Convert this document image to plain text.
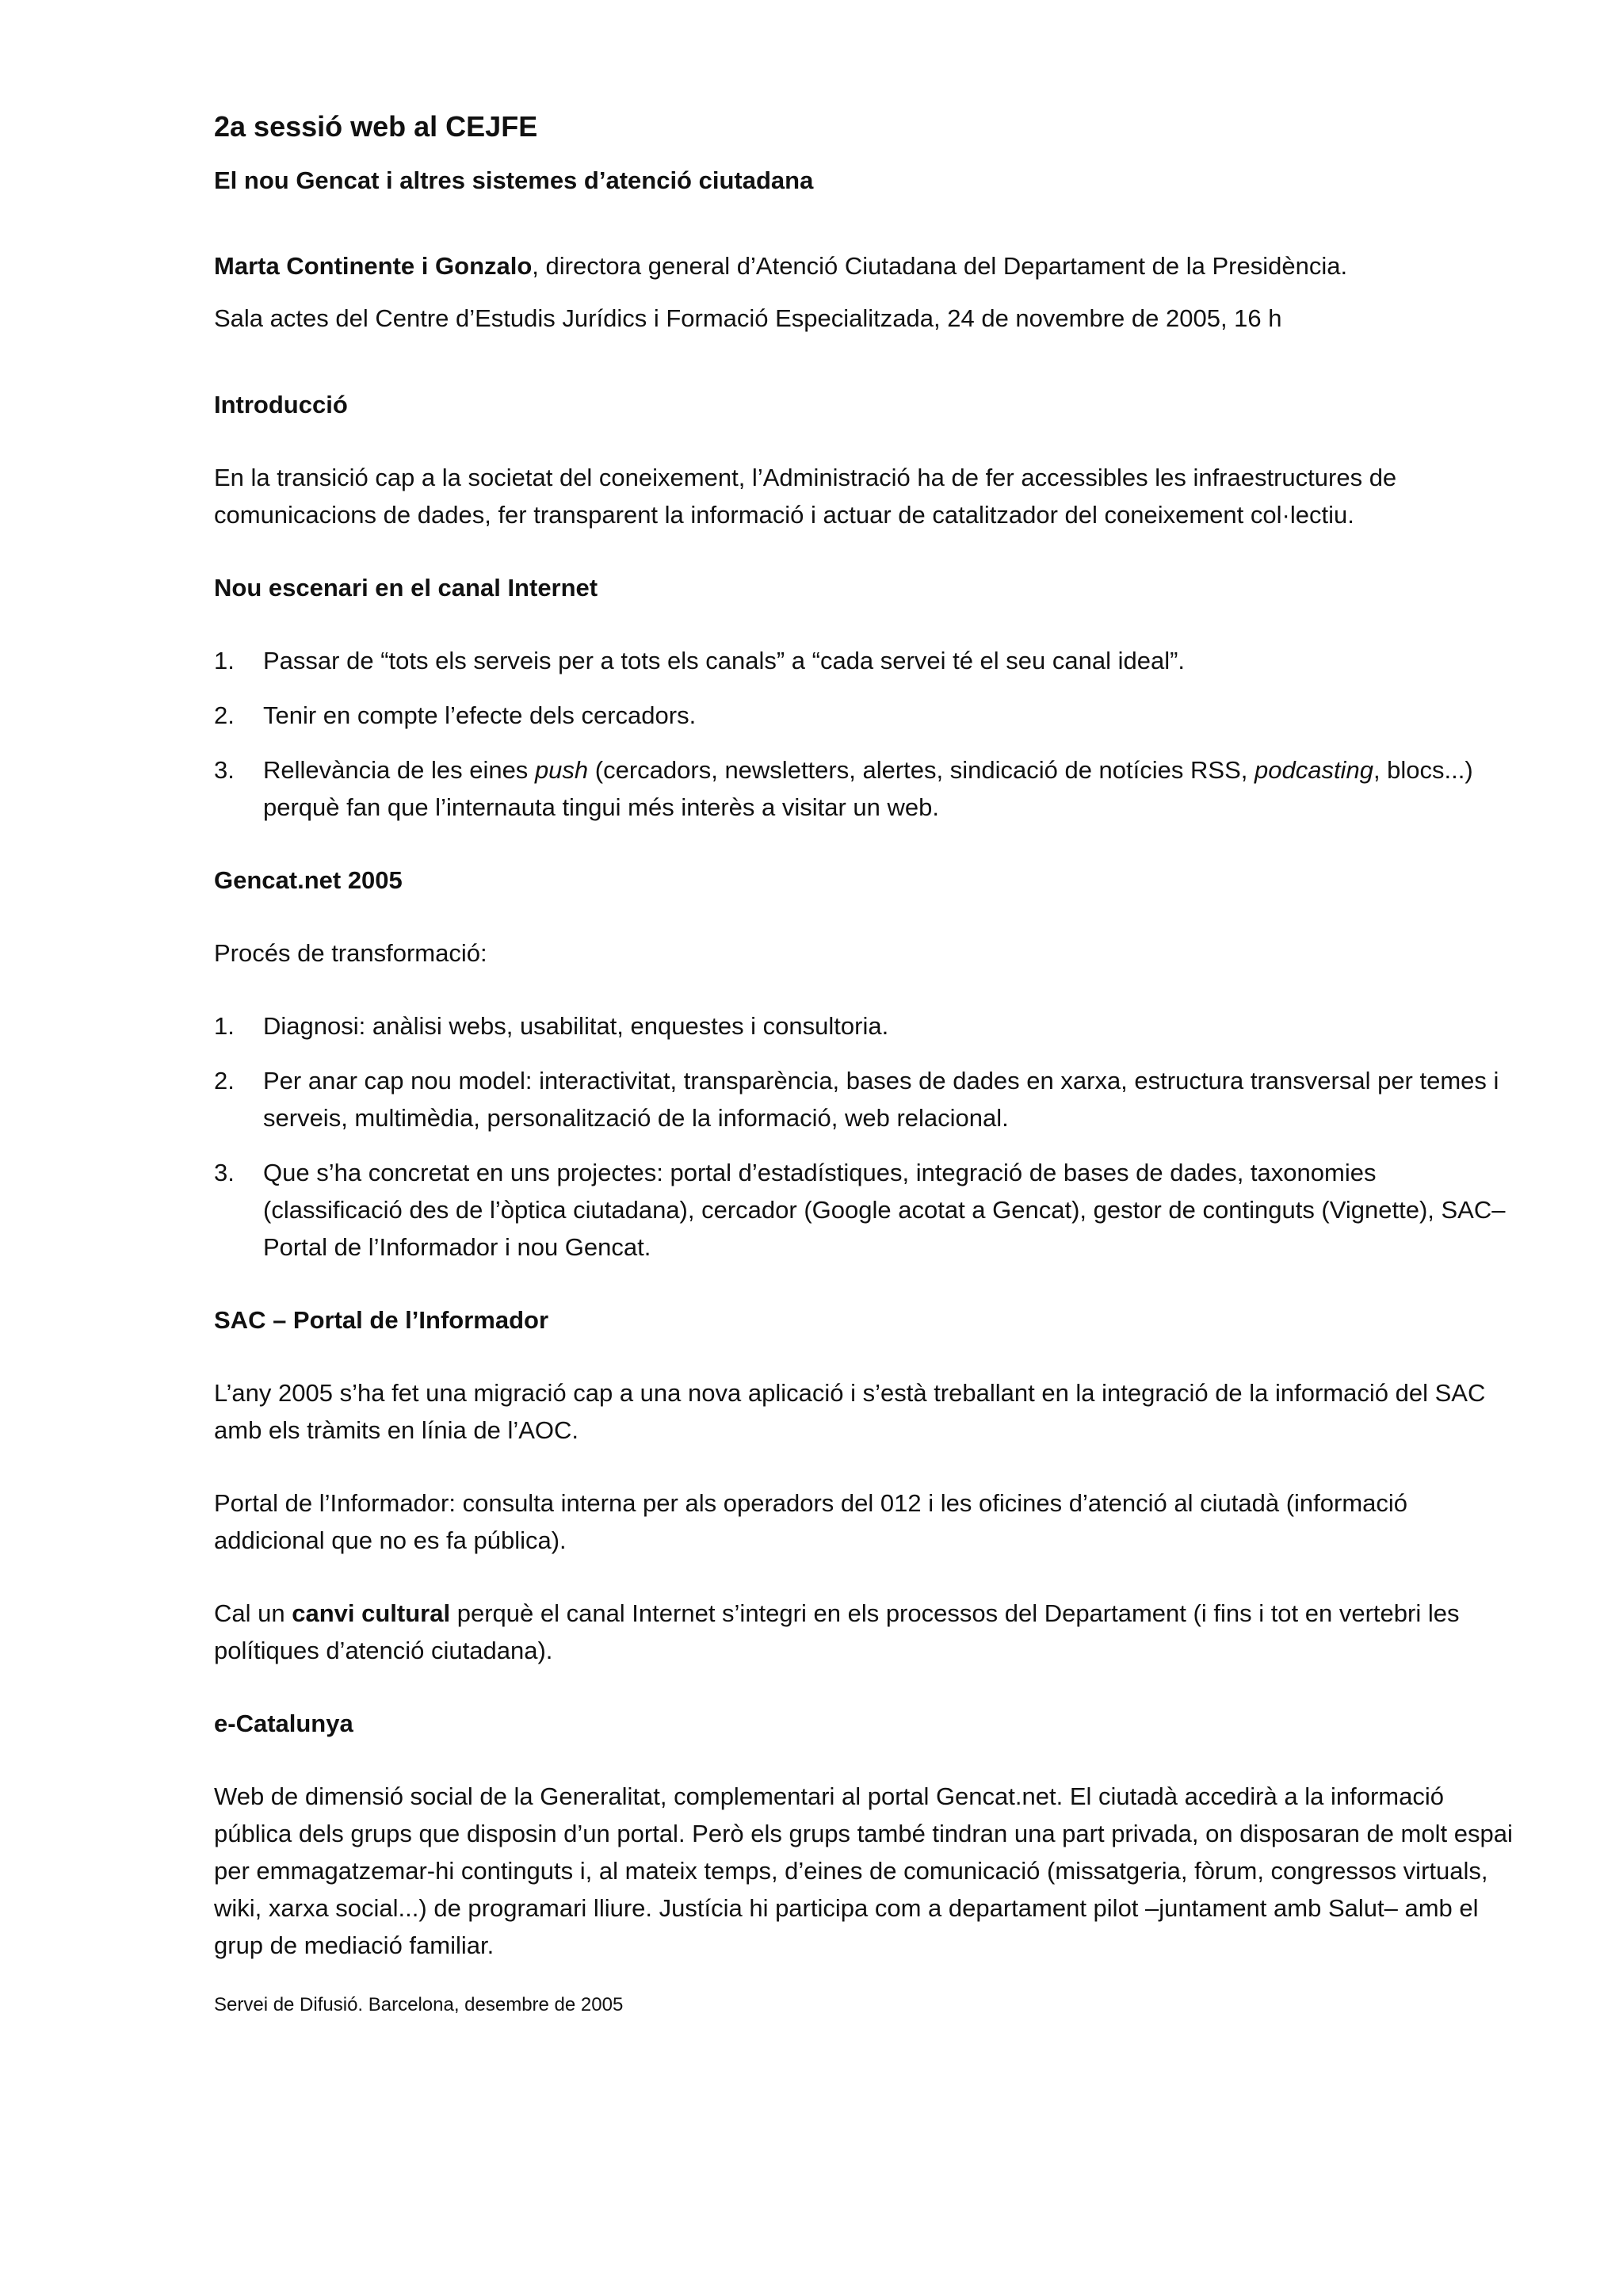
2a sessió web al CEJFE
El nou Gencat i altres sistemes d’atenció ciutadana

Marta Continente i Gonzalo, directora general d’Atenció Ciutadana del Departament de la Presidència.

Sala actes del Centre d’Estudis Jurídics i Formació Especialitzada, 24 de novembre de 2005, 16 h

Introducció

En la transició cap a la societat del coneixement, l’Administració ha de fer accessibles les infraestructures de comunicacions de dades, fer transparent la informació i actuar de catalitzador del coneixement col·lectiu.

Nou escenari en el canal Internet
1. Passar de “tots els serveis per a tots els canals” a “cada servei té el seu canal ideal”.
2. Tenir en compte l’efecte dels cercadors.
3. Rellevància de les eines push (cercadors, newsletters, alertes, sindicació de notícies RSS, podcasting, blocs...) perquè fan que l’internauta tingui més interès a visitar un web.
Gencat.net 2005

Procés de transformació:

1. Diagnosi: anàlisi webs, usabilitat, enquestes i consultoria.
2. Per anar cap nou model: interactivitat, transparència, bases de dades en xarxa, estructura transversal per temes i serveis, multimèdia, personalització de la informació, web relacional.
3. Que s’ha concretat en uns projectes: portal d’estadístiques, integració de bases de dades, taxonomies (classificació des de l’òptica ciutadana), cercador (Google acotat a Gencat), gestor de continguts (Vignette), SAC–Portal de l’Informador i nou Gencat.
SAC – Portal de l’Informador

L’any 2005 s’ha fet una migració cap a una nova aplicació i s’està treballant en la integració de la informació del SAC amb els tràmits en línia de l’AOC.

Portal de l’Informador: consulta interna per als operadors del 012 i les oficines d’atenció al ciutadà (informació addicional que no es fa pública).

Cal un canvi cultural perquè el canal Internet s’integri en els processos del Departament (i fins i tot en vertebri les polítiques d’atenció ciutadana).

e-Catalunya

Web de dimensió social de la Generalitat, complementari al portal Gencat.net. El ciutadà accedirà a la informació pública dels grups que disposin d’un portal. Però els grups també tindran una part privada, on disposaran de molt espai per emmagatzemar-hi continguts i, al mateix temps, d’eines de comunicació (missatgeria, fòrum, congressos virtuals, wiki, xarxa social...) de programari lliure. Justícia hi participa com a departament pilot –juntament amb Salut– amb el grup de mediació familiar.

Servei de Difusió. Barcelona, desembre de 2005
